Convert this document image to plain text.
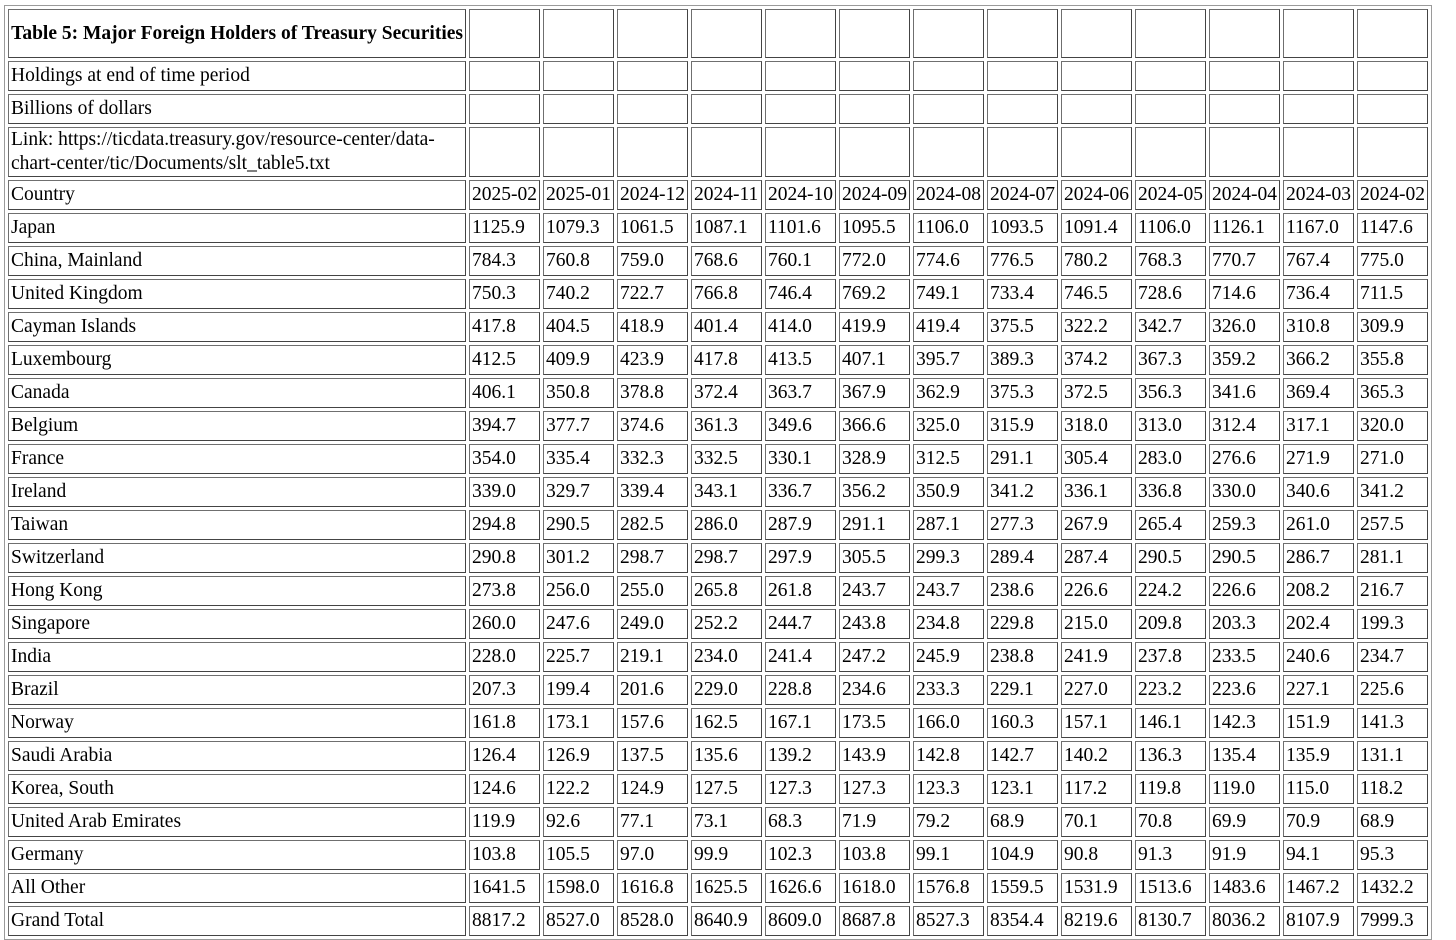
Table 5: Major Foreign Holders of Treasury Securities													
Holdings at end of time period													
Billions of dollars													
Link: https://ticdata.treasury.gov/resource-center/data-chart-center/tic/Documents/slt_table5.txt													
Country	2025-02	2025-01	2024-12	2024-11	2024-10	2024-09	2024-08	2024-07	2024-06	2024-05	2024-04	2024-03	2024-02
Japan	1125.9	1079.3	1061.5	1087.1	1101.6	1095.5	1106.0	1093.5	1091.4	1106.0	1126.1	1167.0	1147.6
China, Mainland	784.3	760.8	759.0	768.6	760.1	772.0	774.6	776.5	780.2	768.3	770.7	767.4	775.0
United Kingdom	750.3	740.2	722.7	766.8	746.4	769.2	749.1	733.4	746.5	728.6	714.6	736.4	711.5
Cayman Islands	417.8	404.5	418.9	401.4	414.0	419.9	419.4	375.5	322.2	342.7	326.0	310.8	309.9
Luxembourg	412.5	409.9	423.9	417.8	413.5	407.1	395.7	389.3	374.2	367.3	359.2	366.2	355.8
Canada	406.1	350.8	378.8	372.4	363.7	367.9	362.9	375.3	372.5	356.3	341.6	369.4	365.3
Belgium	394.7	377.7	374.6	361.3	349.6	366.6	325.0	315.9	318.0	313.0	312.4	317.1	320.0
France	354.0	335.4	332.3	332.5	330.1	328.9	312.5	291.1	305.4	283.0	276.6	271.9	271.0
Ireland	339.0	329.7	339.4	343.1	336.7	356.2	350.9	341.2	336.1	336.8	330.0	340.6	341.2
Taiwan	294.8	290.5	282.5	286.0	287.9	291.1	287.1	277.3	267.9	265.4	259.3	261.0	257.5
Switzerland	290.8	301.2	298.7	298.7	297.9	305.5	299.3	289.4	287.4	290.5	290.5	286.7	281.1
Hong Kong	273.8	256.0	255.0	265.8	261.8	243.7	243.7	238.6	226.6	224.2	226.6	208.2	216.7
Singapore	260.0	247.6	249.0	252.2	244.7	243.8	234.8	229.8	215.0	209.8	203.3	202.4	199.3
India	228.0	225.7	219.1	234.0	241.4	247.2	245.9	238.8	241.9	237.8	233.5	240.6	234.7
Brazil	207.3	199.4	201.6	229.0	228.8	234.6	233.3	229.1	227.0	223.2	223.6	227.1	225.6
Norway	161.8	173.1	157.6	162.5	167.1	173.5	166.0	160.3	157.1	146.1	142.3	151.9	141.3
Saudi Arabia	126.4	126.9	137.5	135.6	139.2	143.9	142.8	142.7	140.2	136.3	135.4	135.9	131.1
Korea, South	124.6	122.2	124.9	127.5	127.3	127.3	123.3	123.1	117.2	119.8	119.0	115.0	118.2
United Arab Emirates	119.9	92.6	77.1	73.1	68.3	71.9	79.2	68.9	70.1	70.8	69.9	70.9	68.9
Germany	103.8	105.5	97.0	99.9	102.3	103.8	99.1	104.9	90.8	91.3	91.9	94.1	95.3
All Other	1641.5	1598.0	1616.8	1625.5	1626.6	1618.0	1576.8	1559.5	1531.9	1513.6	1483.6	1467.2	1432.2
Grand Total	8817.2	8527.0	8528.0	8640.9	8609.0	8687.8	8527.3	8354.4	8219.6	8130.7	8036.2	8107.9	7999.3
